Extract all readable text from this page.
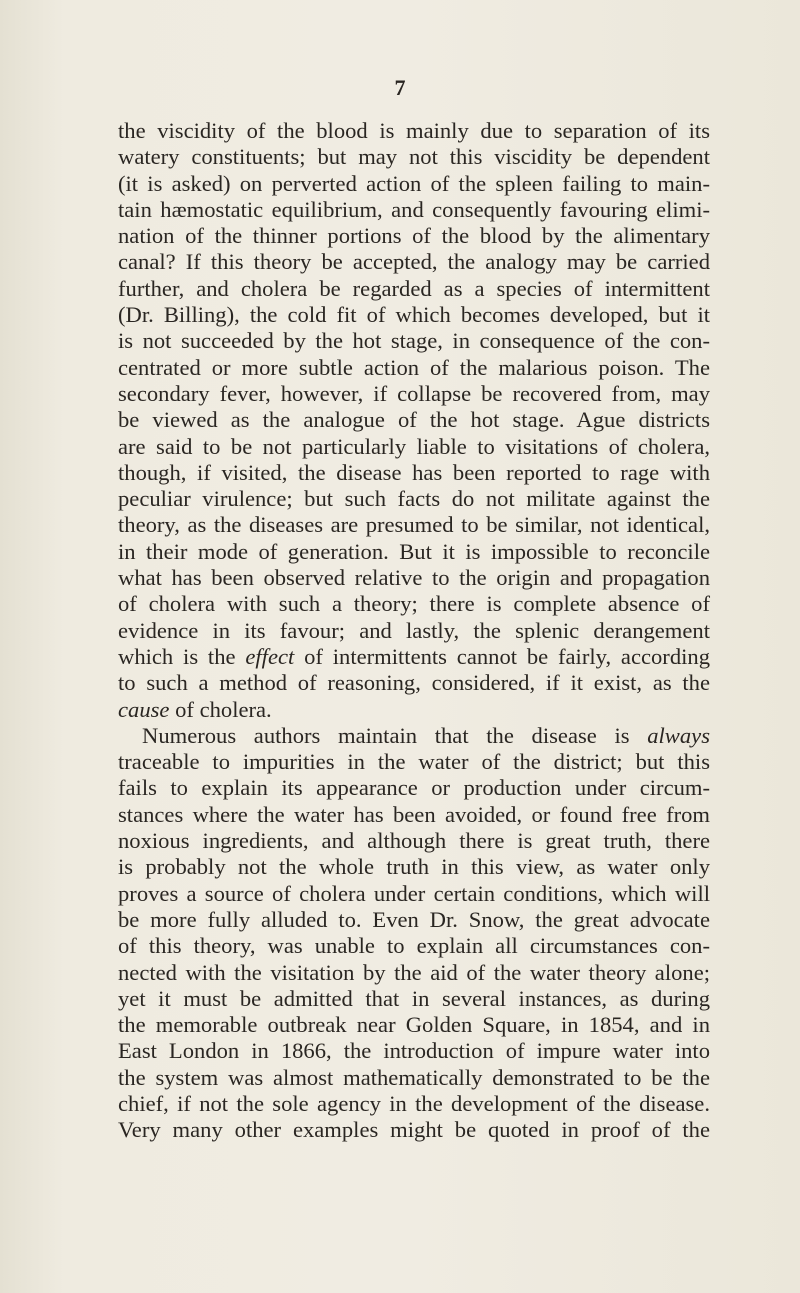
7
the viscidity of the blood is mainly due to separation of its
watery constituents; but may not this viscidity be dependent
(it is asked) on perverted action of the spleen failing to main-
tain hæmostatic equilibrium, and consequently favouring elimi-
nation of the thinner portions of the blood by the alimentary
canal? If this theory be accepted, the analogy may be carried
further, and cholera be regarded as a species of intermittent
(Dr. Billing), the cold fit of which becomes developed, but it
is not succeeded by the hot stage, in consequence of the con-
centrated or more subtle action of the malarious poison. The
secondary fever, however, if collapse be recovered from, may
be viewed as the analogue of the hot stage. Ague districts
are said to be not particularly liable to visitations of cholera,
though, if visited, the disease has been reported to rage with
peculiar virulence; but such facts do not militate against the
theory, as the diseases are presumed to be similar, not identical,
in their mode of generation. But it is impossible to reconcile
what has been observed relative to the origin and propagation
of cholera with such a theory; there is complete absence of
evidence in its favour; and lastly, the splenic derangement
which is the effect of intermittents cannot be fairly, according
to such a method of reasoning, considered, if it exist, as the
cause of cholera.
Numerous authors maintain that the disease is always
traceable to impurities in the water of the district; but this
fails to explain its appearance or production under circum-
stances where the water has been avoided, or found free from
noxious ingredients, and although there is great truth, there
is probably not the whole truth in this view, as water only
proves a source of cholera under certain conditions, which will
be more fully alluded to. Even Dr. Snow, the great advocate
of this theory, was unable to explain all circumstances con-
nected with the visitation by the aid of the water theory alone;
yet it must be admitted that in several instances, as during
the memorable outbreak near Golden Square, in 1854, and in
East London in 1866, the introduction of impure water into
the system was almost mathematically demonstrated to be the
chief, if not the sole agency in the development of the disease.
Very many other examples might be quoted in proof of the
